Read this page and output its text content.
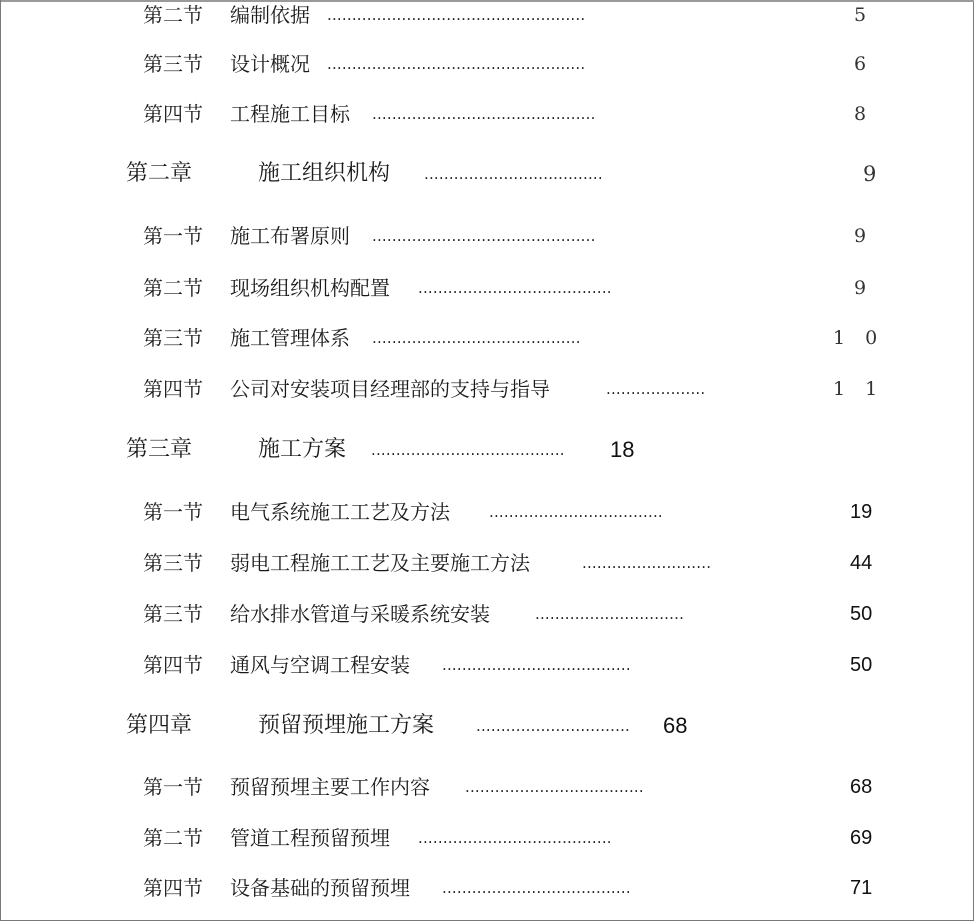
第二节 编制依据 ....................................................	5
第三节 设计概况 ....................................................	6
第四节 工程施工目标 .............................................	8
第二章	施工组织机构 ....................................	9
第一节 施工布署原则 .............................................	9
第二节 现场组织机构配置 .......................................	9
第三节 施工管理体系 ..........................................	1 0
第四节 公司对安装项目经理部的支持与指导	....................	1 1
第三章	施工方案 ....................................... 18
第一节 电气系统施工工艺及方法	...................................	19
第三节 弱电工程施工工艺及主要施工方法	..........................	44
第三节 给水排水管道与采暖系统安装	..............................	50
第四节 通风与空调工程安装 ......................................	50
第四章	预留预埋施工方案	............................... 68
第一节 预留预埋主要工作内容 ....................................	68
第二节 管道工程预留预埋 .......................................	69
第四节 设备基础的预留预埋 ......................................	71
